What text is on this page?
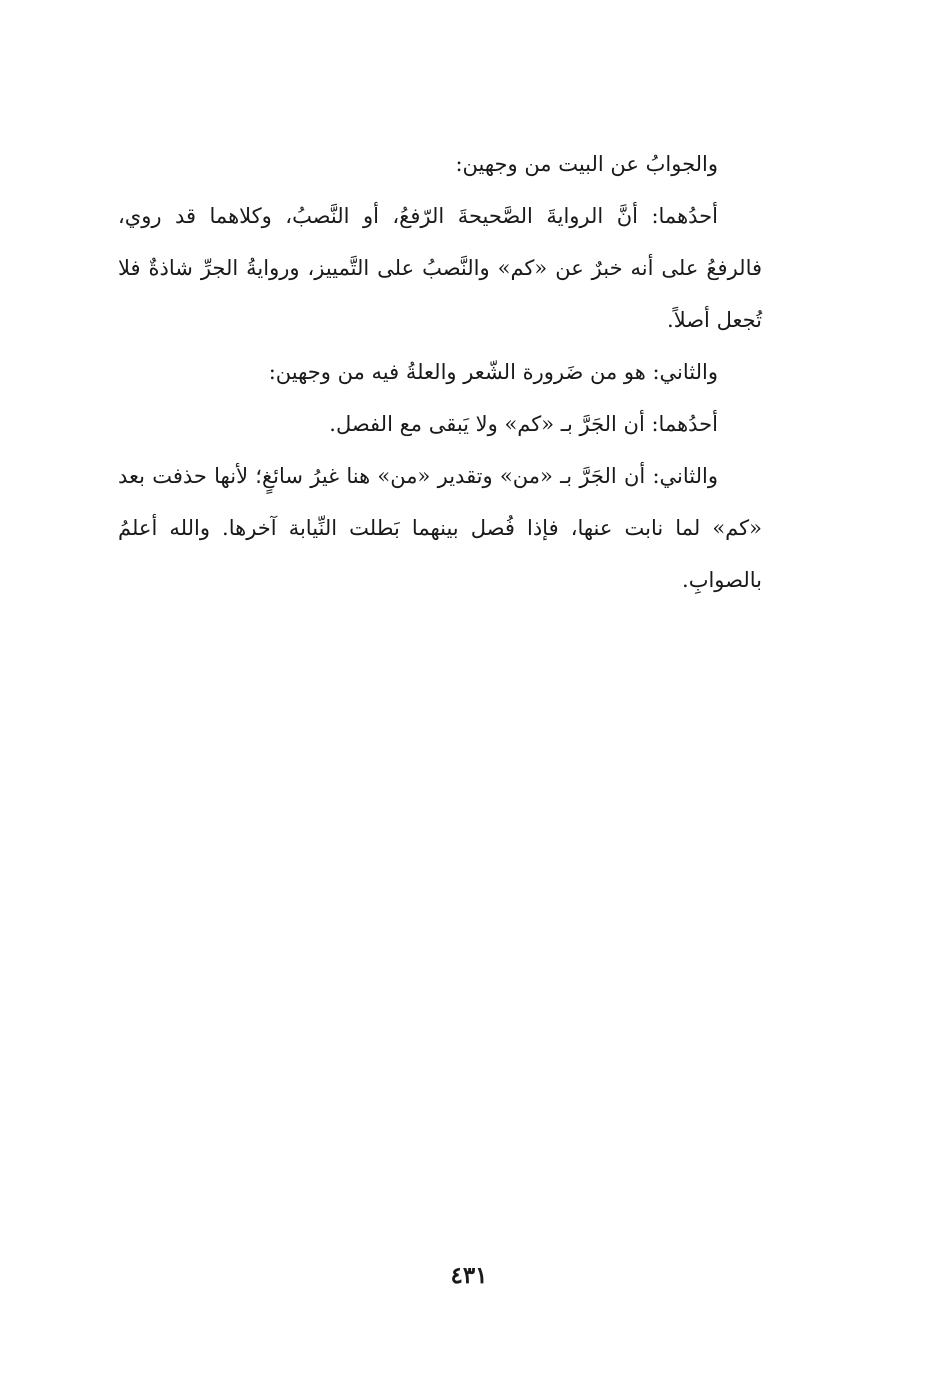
والجوابُ عن البيت من وجهين:

أحدُهما: أنَّ الروايةَ الصَّحيحةَ الرّفعُ، أو النَّصبُ، وكلاهما قد روي، فالرفعُ على أنه خبرٌ عن «كم» والنَّصبُ على التَّمييز، وروايةُ الجرِّ شاذةٌ فلا تُجعل أصلاً.

والثاني: هو من ضَرورة الشّعر والعلةُ فيه من وجهين:
أحدُهما: أن الجَرَّ بـ «كم» ولا يَبقى مع الفصل.

والثاني: أن الجَرَّ بـ «من» وتقدير «من» هنا غيرُ سائغٍ؛ لأنها حذفت بعد «كم» لما نابت عنها، فإذا فُصل بينهما بَطلت النِّيابة آخرها. والله أعلمُ بالصوابِ.

٤٣١
